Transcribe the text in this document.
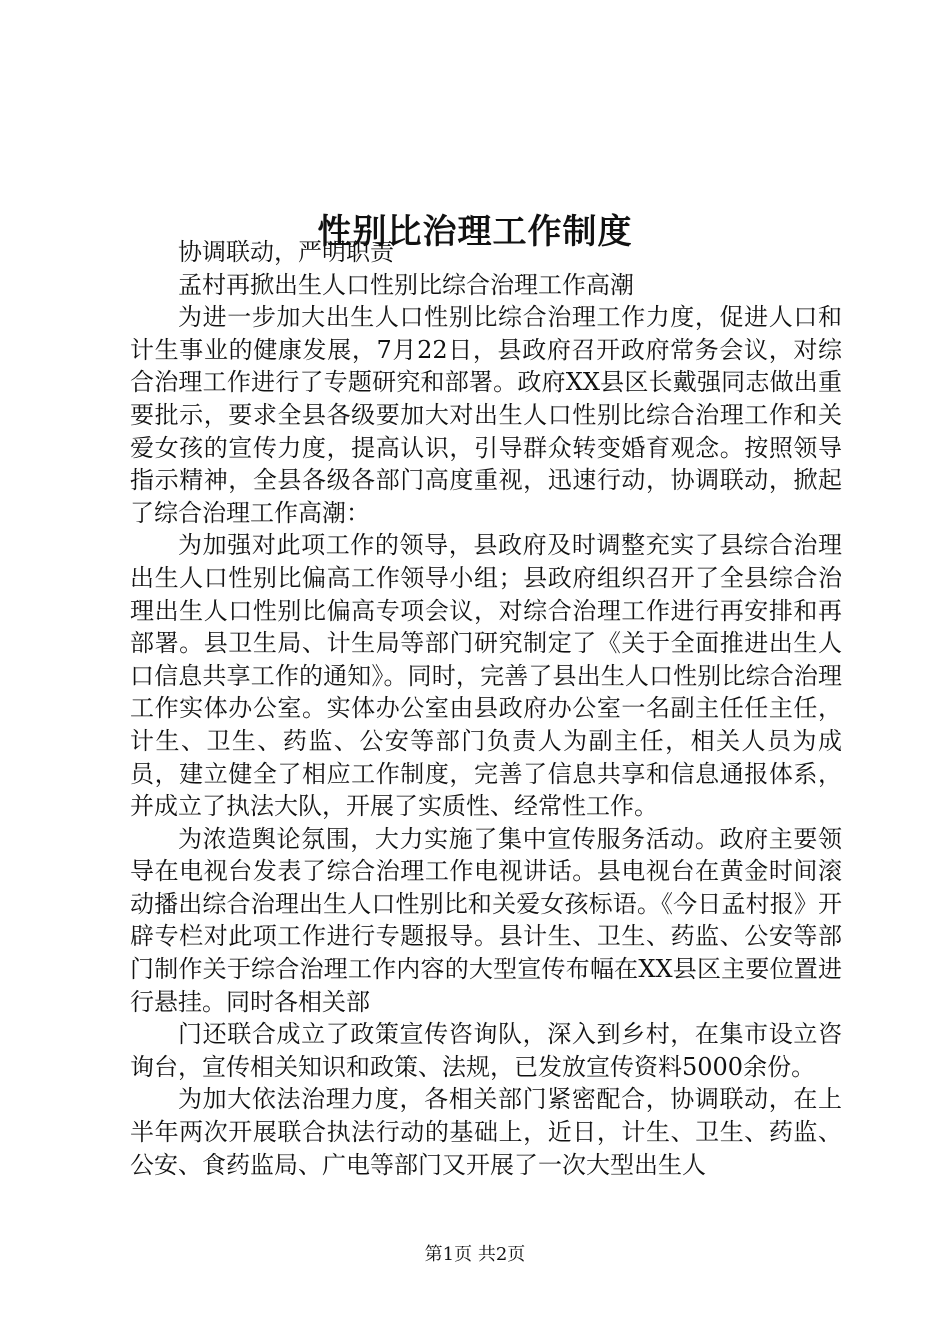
性别比治理工作制度

协调联动，严明职责

孟村再掀出生人口性别比综合治理工作高潮

为进一步加大出生人口性别比综合治理工作力度，促进人口和计生事业的健康发展，7月22日，县政府召开政府常务会议，对综合治理工作进行了专题研究和部署。政府XX县区长戴强同志做出重要批示，要求全县各级要加大对出生人口性别比综合治理工作和关爱女孩的宣传力度，提高认识，引导群众转变婚育观念。按照领导指示精神，全县各级各部门高度重视，迅速行动，协调联动，掀起了综合治理工作高潮：

为加强对此项工作的领导，县政府及时调整充实了县综合治理出生人口性别比偏高工作领导小组；县政府组织召开了全县综合治理出生人口性别比偏高专项会议，对综合治理工作进行再安排和再部署。县卫生局、计生局等部门研究制定了《关于全面推进出生人口信息共享工作的通知》。同时，完善了县出生人口性别比综合治理工作实体办公室。实体办公室由县政府办公室一名副主任任主任，计生、卫生、药监、公安等部门负责人为副主任，相关人员为成员，建立健全了相应工作制度，完善了信息共享和信息通报体系，并成立了执法大队，开展了实质性、经常性工作。

为浓造舆论氛围，大力实施了集中宣传服务活动。政府主要领导在电视台发表了综合治理工作电视讲话。县电视台在黄金时间滚动播出综合治理出生人口性别比和关爱女孩标语。《今日孟村报》开辟专栏对此项工作进行专题报导。县计生、卫生、药监、公安等部门制作关于综合治理工作内容的大型宣传布幅在XX县区主要位置进行悬挂。同时各相关部

门还联合成立了政策宣传咨询队，深入到乡村，在集市设立咨询台，宣传相关知识和政策、法规，已发放宣传资料5000余份。

为加大依法治理力度，各相关部门紧密配合，协调联动，在上半年两次开展联合执法行动的基础上，近日，计生、卫生、药监、公安、食药监局、广电等部门又开展了一次大型出生人

第1页 共2页
